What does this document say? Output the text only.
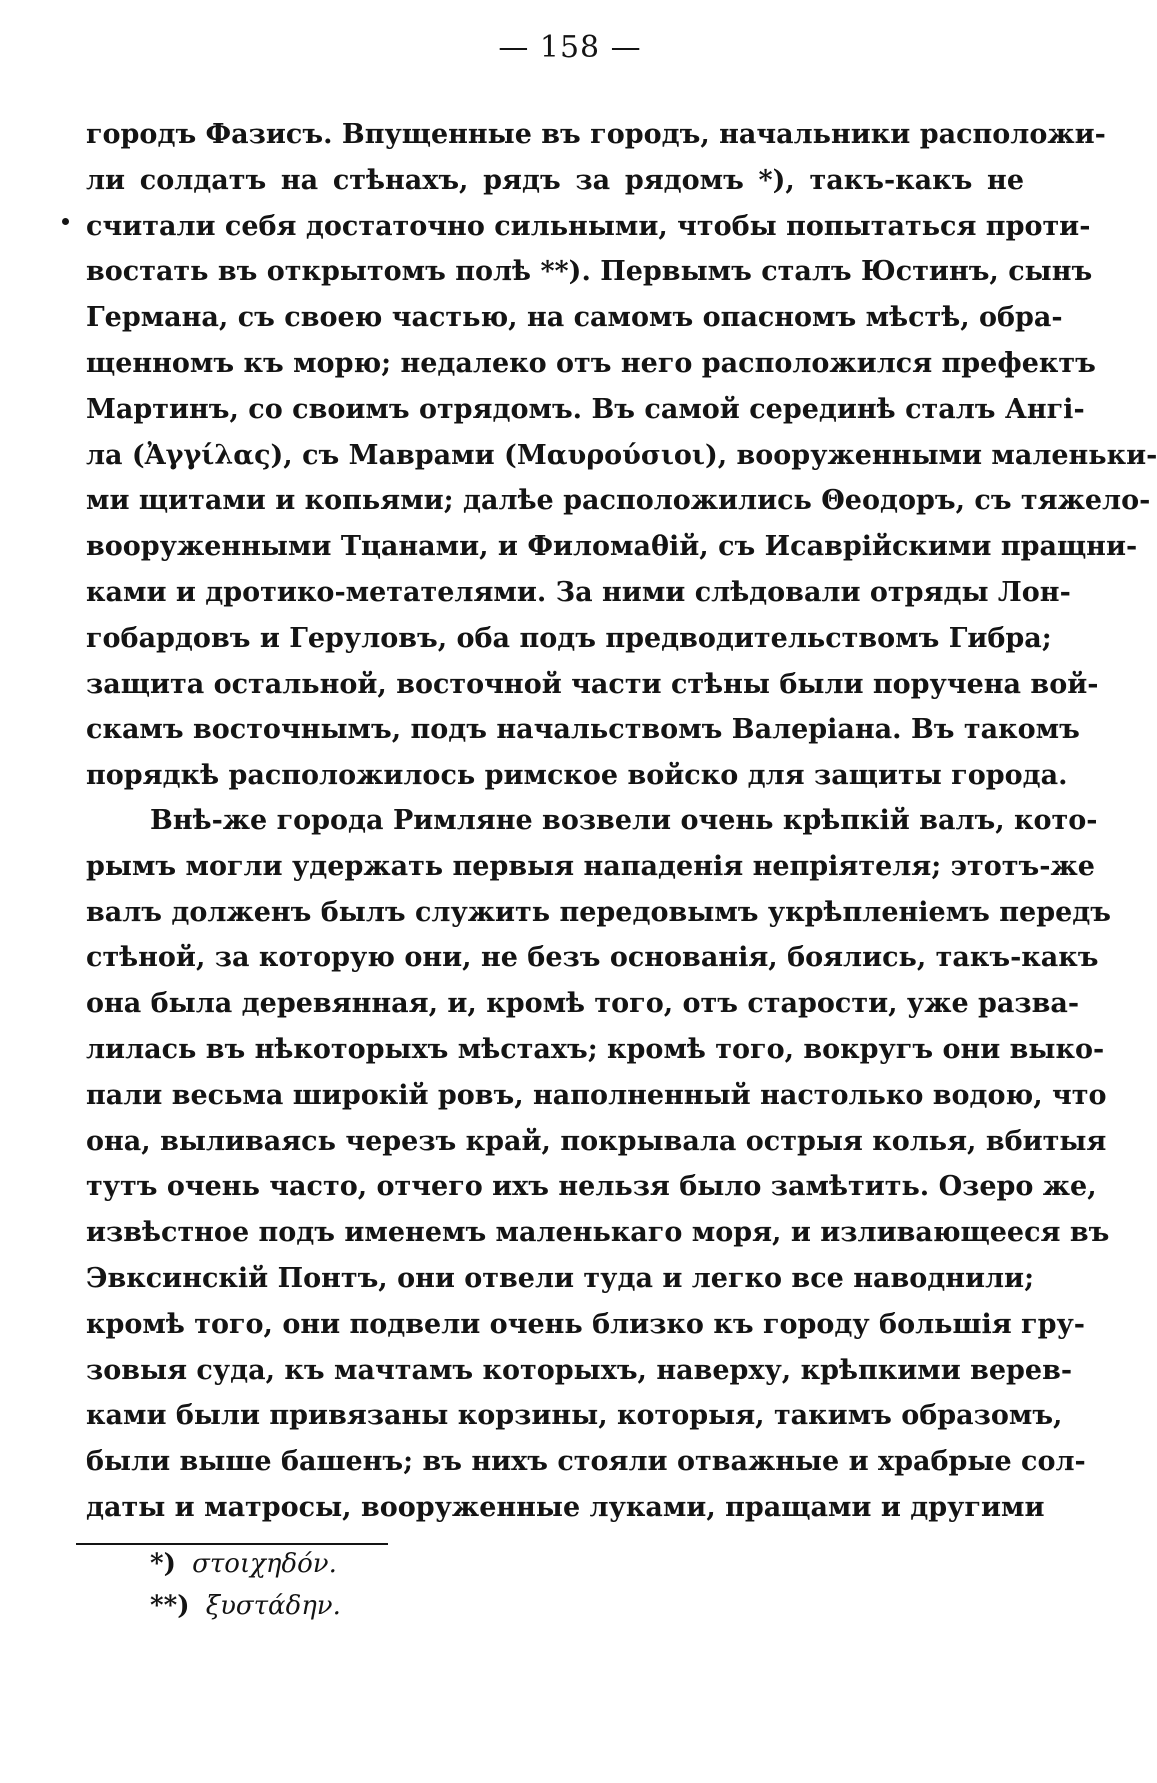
— 158 —
городъ Фазисъ. Впущенные въ городъ, начальники расположи-
ли солдатъ на стѣнахъ, рядъ за рядомъ *), такъ-какъ не
считали себя достаточно сильными, чтобы попытаться проти-
востать въ открытомъ полѣ **). Первымъ сталъ Юстинъ, сынъ
Германа, съ своею частью, на самомъ опасномъ мѣстѣ, обра-
щенномъ къ морю; недалеко отъ него расположился префектъ
Мартинъ, со своимъ отрядомъ. Въ самой серединѣ сталъ Ангi-
ла (Ἀγγίλας), съ Маврами (Μαυρούσιοι), вооруженными маленьки-
ми щитами и копьями; далѣе расположились Θеодоръ, съ тяжело-
вооруженными Тцанами, и Филомаθiй, съ Исаврiйскими пращни-
ками и дротико-метателями. За ними слѣдовали отряды Лон-
гобардовъ и Геруловъ, оба подъ предводительствомъ Гибра;
защита остальной, восточной части стѣны были поручена вой-
скамъ восточнымъ, подъ начальствомъ Валерiана. Въ такомъ
порядкѣ расположилось римское войско для защиты города.
Внѣ-же города Римляне возвели очень крѣпкiй валъ, кото-
рымъ могли удержать первыя нападенiя непрiятеля; этотъ-же
валъ долженъ былъ служить передовымъ укрѣпленiемъ передъ
стѣной, за которую они, не безъ основанiя, боялись, такъ-какъ
она была деревянная, и, кромѣ того, отъ старости, уже разва-
лилась въ нѣкоторыхъ мѣстахъ; кромѣ того, вокругъ они выко-
пали весьма широкiй ровъ, наполненный настолько водою, что
она, выливаясь черезъ край, покрывала острыя колья, вбитыя
тутъ очень часто, отчего ихъ нельзя было замѣтить. Озеро же,
извѣстное подъ именемъ маленькаго моря, и изливающееся въ
Эвксинскiй Понтъ, они отвели туда и легко все наводнили;
кромѣ того, они подвели очень близко къ городу большiя гру-
зовыя суда, къ мачтамъ которыхъ, наверху, крѣпкими верев-
ками были привязаны корзины, которыя, такимъ образомъ,
были выше башенъ; въ нихъ стояли отважные и храбрые сол-
даты и матросы, вооруженные луками, пращами и другими
*) στοιχηδόν.
**) ξυστάδην.
